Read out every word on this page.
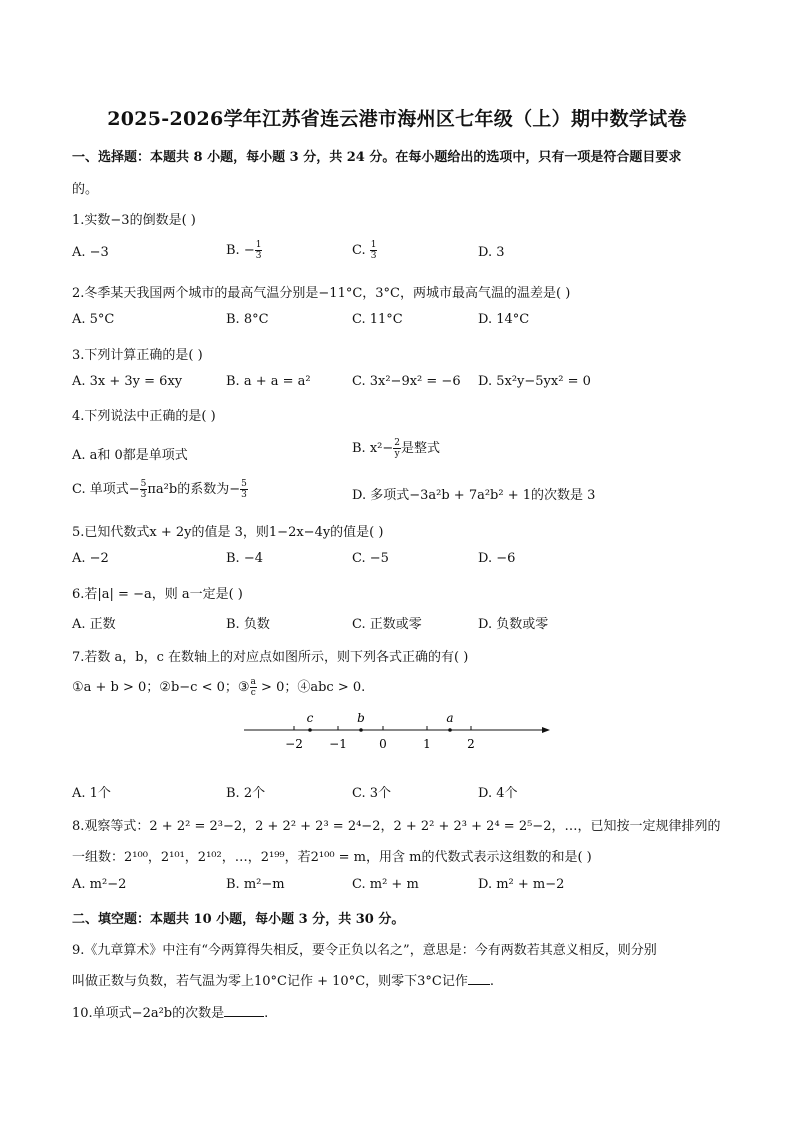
2025-2026学年江苏省连云港市海州区七年级（上）期中数学试卷
一、选择题：本题共 8 小题，每小题 3 分，共 24 分。在每小题给出的选项中，只有一项是符合题目要求
的。
1.实数−3的倒数是( )
A. −3	B. − $\frac{1}{3}$	C. $\frac{1}{3}$	D. 3
2.冬季某天我国两个城市的最高气温分别是−11°C，3°C，两城市最高气温的温差是( )
A. 5°C	B. 8°C	C. 11°C	D. 14°C
3.下列计算正确的是( )
A. 3x + 3y = 6xy	B. a + a = a²	C. 3x²−9x² = −6 D. 5x²y−5yx² = 0
4.下列说法中正确的是( )
A. a和 0都是单项式	B. $x^2- \frac{2}{y}$ 是整式
C. 单项式− $\frac{5}{3} \pi a^2b$的系数为− $\frac{5}{3}$	D. 多项式−3a²b + 7a²b² + 1的次数是 3
5.已知代数式x + 2y的值是 3，则1−2x−4y的值是( )
A. −2	B. −4	C. −5	D. −6
6.若|a| = −a，则 a一定是( )
A. 正数	B. 负数	C. 正数或零	D. 负数或零
7.若数 a，b，c 在数轴上的对应点如图所示，则下列各式正确的有( )
①a + b > 0；②b−c < 0；③ $\frac{a}{c} > 0$；④abc > 0.
−2 −1	0	1	2
c	b	a
A. 1个	B. 2个	C. 3个	D. 4个
8.观察等式：2 + 2² = 2³−2，2 + 2² + 2³ = 2⁴−2，2 + 2² + 2³ + 2⁴ = 2⁵−2，…，已知按一定规律排列的
一组数：2¹⁰⁰，2¹⁰¹，2¹⁰²，…，2¹⁹⁹，若2¹⁰⁰ = m，用含 m的代数式表示这组数的和是( )
A. m²−2	B. m²−m	C. m² + m	D. m² + m−2
二、填空题：本题共 10 小题，每小题 3 分，共 30 分。
9.《九章算术》中注有“今两算得失相反，要令正负以名之”，意思是：今有两数若其意义相反，则分别
叫做正数与负数，若气温为零上10°C记作 + 10°C，则零下3°C记作 .
10.单项式−2a²b的次数是	.
